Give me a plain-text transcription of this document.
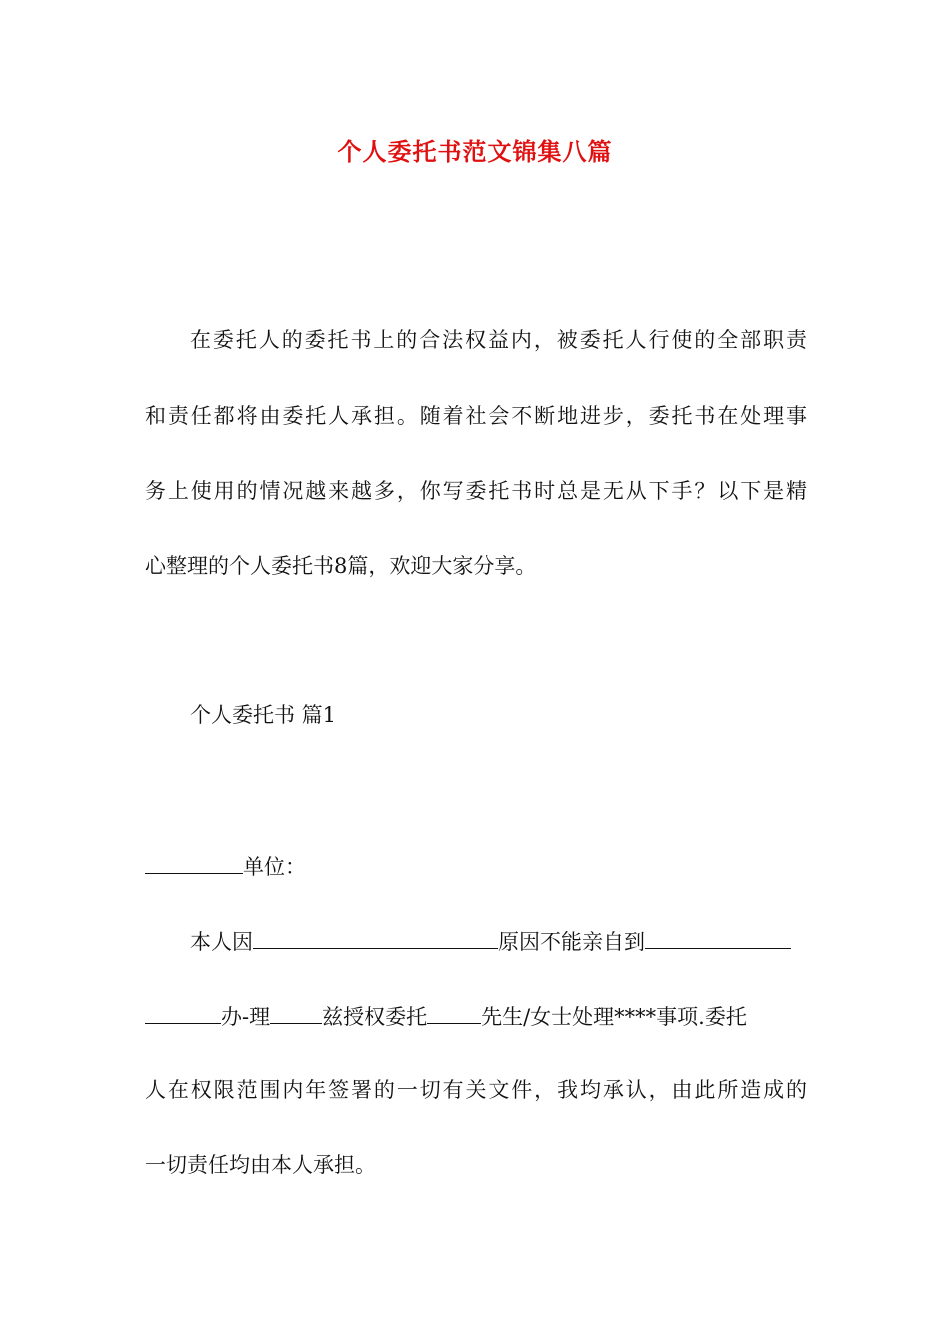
个人委托书范文锦集八篇
在委托人的委托书上的合法权益内，被委托人行使的全部职责
和责任都将由委托人承担。随着社会不断地进步，委托书在处理事
务上使用的情况越来越多，你写委托书时总是无从下手？以下是精
心整理的个人委托书8篇，欢迎大家分享。
个人委托书 篇1
单位：
本人因	原因不能亲自到
办-理 兹授权委托	先生/女士处理****事项.委托
人在权限范围内年签署的一切有关文件，我均承认，由此所造成的
一切责任均由本人承担。
